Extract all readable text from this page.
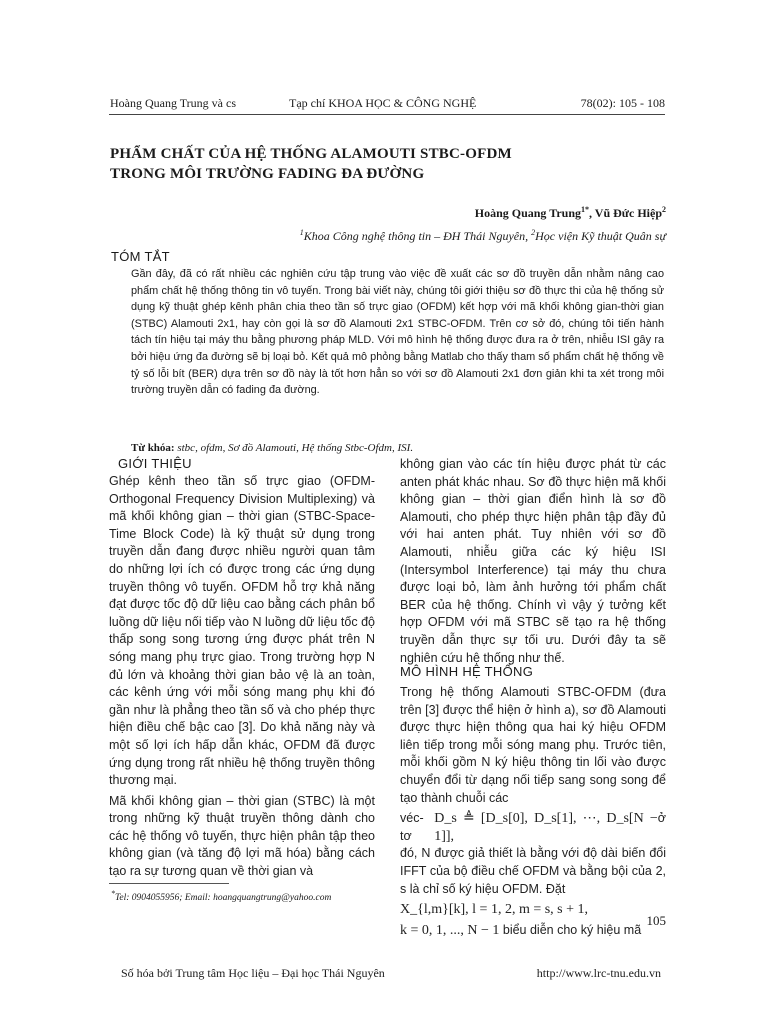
Hoàng Quang Trung và cs	Tạp chí KHOA HỌC & CÔNG NGHỆ	78(02): 105 - 108
PHẨM CHẤT CỦA HỆ THỐNG ALAMOUTI STBC-OFDM
TRONG MÔI TRƯỜNG FADING ĐA ĐƯỜNG
Hoàng Quang Trung$^{1*}$, Vũ Đức Hiệp$^2$
$^1$Khoa Công nghệ thông tin – ĐH Thái Nguyên, $^2$Học viện Kỹ thuật Quân sự
TÓM TẮT
Gần đây, đã có rất nhiều các nghiên cứu tập trung vào việc đề xuất các sơ đồ truyền dẫn nhằm nâng cao phẩm chất hệ thống thông tin vô tuyến. Trong bài viết này, chúng tôi giới thiệu sơ đồ thực thi của hệ thống sử dụng kỹ thuật ghép kênh phân chia theo tần số trực giao (OFDM) kết hợp với mã khối không gian-thời gian (STBC) Alamouti 2x1, hay còn gọi là sơ đồ Alamouti 2x1 STBC-OFDM. Trên cơ sở đó, chúng tôi tiến hành tách tín hiệu tại máy thu bằng phương pháp MLD. Với mô hình hệ thống được đưa ra ở trên, nhiễu ISI gây ra bởi hiệu ứng đa đường sẽ bị loại bỏ. Kết quả mô phỏng bằng Matlab cho thấy tham số phẩm chất hệ thống về tỷ số lỗi bít (BER) dựa trên sơ đồ này là tốt hơn hẳn so với sơ đồ Alamouti 2x1 đơn giản khi ta xét trong môi trường truyền dẫn có fading đa đường.
Từ khóa: stbc, ofdm, Sơ đồ Alamouti, Hệ thống Stbc-Ofdm, ISI.
GIỚI THIỆU

Ghép kênh theo tần số trực giao (OFDM-Orthogonal Frequency Division Multiplexing) và mã khối không gian – thời gian (STBC-Space-Time Block Code) là kỹ thuật sử dụng trong truyền dẫn đang được nhiều người quan tâm do những lợi ích có được trong các ứng dụng truyền thông vô tuyến. OFDM hỗ trợ khả năng đạt được tốc độ dữ liệu cao bằng cách phân bổ luồng dữ liệu nối tiếp vào N luồng dữ liệu tốc độ thấp song song tương ứng được phát trên N sóng mang phụ trực giao. Trong trường hợp N đủ lớn và khoảng thời gian bảo vệ là an toàn, các kênh ứng với mỗi sóng mang phụ khi đó gần như là phẳng theo tần số và cho phép thực hiện điều chế bậc cao [3]. Do khả năng này và một số lợi ích hấp dẫn khác, OFDM đã được ứng dụng trong rất nhiều hệ thống truyền thông thương mại.

Mã khối không gian – thời gian (STBC) là một trong những kỹ thuật truyền thông dành cho các hệ thống vô tuyến, thực hiện phân tập theo không gian (và tăng độ lợi mã hóa) bằng cách tạo ra sự tương quan về thời gian và

không gian vào các tín hiệu được phát từ các anten phát khác nhau. Sơ đồ thực hiện mã khối không gian – thời gian điển hình là sơ đồ Alamouti, cho phép thực hiện phân tập đầy đủ với hai anten phát. Tuy nhiên với sơ đồ Alamouti, nhiễu giữa các ký hiệu ISI (Intersymbol Interference) tại máy thu chưa được loại bỏ, làm ảnh hưởng tới phẩm chất BER của hệ thống. Chính vì vậy ý tưởng kết hợp OFDM với mã STBC sẽ tạo ra hệ thống truyền dẫn thực sự tối ưu. Dưới đây ta sẽ nghiên cứu hệ thống như thế.

MÔ HÌNH HỆ THỐNG

Trong hệ thống Alamouti STBC-OFDM (đưa trên [3] được thể hiện ở hình a), sơ đồ Alamouti được thực hiện thông qua hai ký hiệu OFDM liên tiếp trong mỗi sóng mang phụ. Trước tiên, mỗi khối gồm N ký hiệu thông tin lối vào được chuyển đổi từ dạng nối tiếp sang song song để tạo thành chuỗi các

véc-tơ
D_s ≜ [D_s[0], D_s[1], ⋯, D_s[N − 1]],
ở

đó, N được giả thiết là bằng với độ dài biến đổi IFFT của bộ điều chế OFDM và bằng bội của 2, s là chỉ số ký hiệu OFDM. Đặt

X_{l,m}[k], l = 1, 2, m = s, s + 1,
k = 0, 1, ..., N − 1 biểu diễn cho ký hiệu mã
*Tel: 0904055956; Email: hoangquangtrung@yahoo.com
105
Số hóa bởi Trung tâm Học liệu – Đại học Thái Nguyên	http://www.lrc-tnu.edu.vn
